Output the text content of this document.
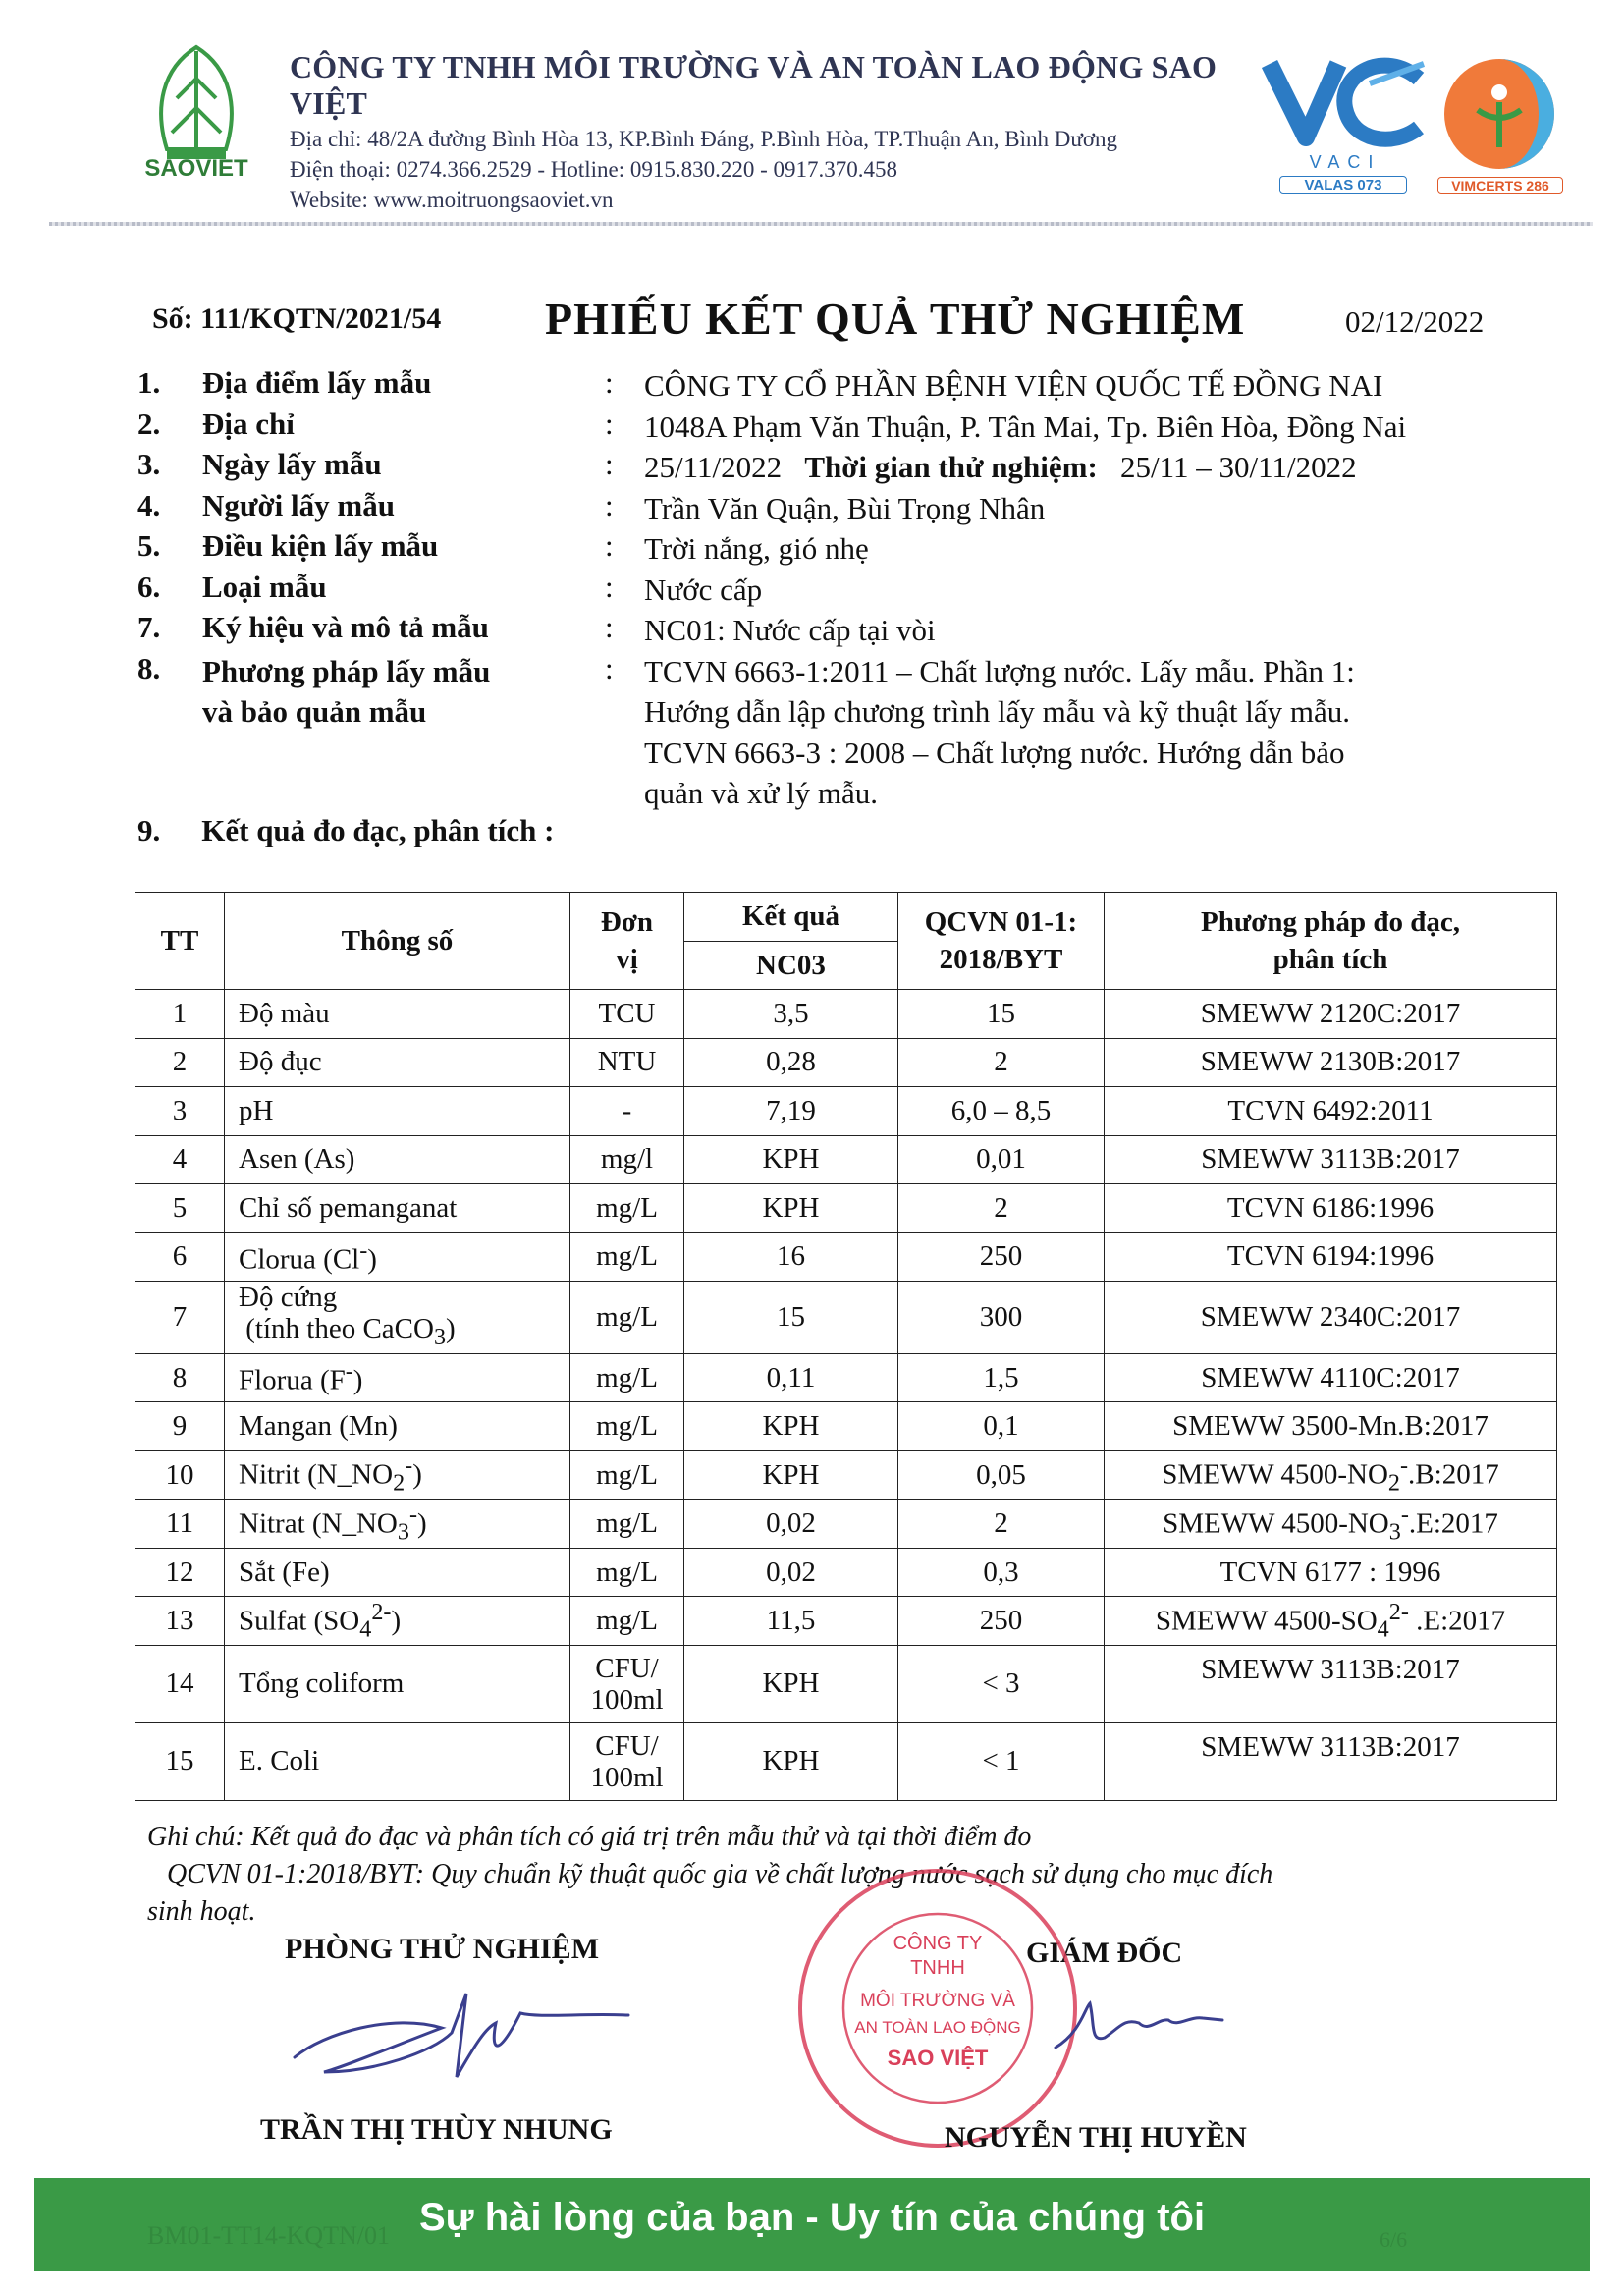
SAOVIET
CÔNG TY TNHH MÔI TRƯỜNG VÀ AN TOÀN LAO ĐỘNG SAO VIỆT
Địa chỉ: 48/2A đường Bình Hòa 13, KP.Bình Đáng, P.Bình Hòa, TP.Thuận An, Bình Dương
Điện thoại: 0274.366.2529 - Hotline: 0915.830.220 - 0917.370.458
Website: www.moitruongsaoviet.vn
VACI
VALAS 073	VIMCERTS 286
Số: 111/KQTN/2021/54 PHIẾU KẾT QUẢ THỬ NGHIỆM	02/12/2022
1. Địa điểm lấy mẫu	: CÔNG TY CỔ PHẦN BỆNH VIỆN QUỐC TẾ ĐỒNG NAI
2. Địa chỉ	: 1048A Phạm Văn Thuận, P. Tân Mai, Tp. Biên Hòa, Đồng Nai
3. Ngày lấy mẫu	: 25/11/2022 Thời gian thử nghiệm: 25/11 – 30/11/2022
4. Người lấy mẫu	: Trần Văn Quận, Bùi Trọng Nhân
5. Điều kiện lấy mẫu	: Trời nắng, gió nhẹ
6. Loại mẫu	: Nước cấp
7. Ký hiệu và mô tả mẫu	: NC01: Nước cấp tại vòi
8. Phương pháp lấy mẫu
và bảo quản mẫu
: TCVN 6663-1:2011 – Chất lượng nước. Lấy mẫu. Phần 1:
Hướng dẫn lập chương trình lấy mẫu và kỹ thuật lấy mẫu.
TCVN 6663-3 : 2008 – Chất lượng nước. Hướng dẫn bảo
quản và xử lý mẫu.
9. Kết quả đo đạc, phân tích :
TT	Thông số	Đơn
vị	Kết quả	QCVN 01-1:
2018/BYT	Phương pháp đo đạc,
phân tích
			NC03		
1	Độ màu	TCU	3,5	15	SMEWW 2120C:2017
2	Độ đục	NTU	0,28	2	SMEWW 2130B:2017
3	pH	-	7,19	6,0 – 8,5	TCVN 6492:2011
4	Asen (As)	mg/l	KPH	0,01	SMEWW 3113B:2017
5	Chỉ số pemanganat	mg/L	KPH	2	TCVN 6186:1996
6	Clorua (Cl-)	mg/L	16	250	TCVN 6194:1996
7	Độ cứng
(tính theo CaCO$_3$)	mg/L	15	300	SMEWW 2340C:2017
8	Florua (F-)	mg/L	0,11	1,5	SMEWW 4110C:2017
9	Mangan (Mn)	mg/L	KPH	0,1	SMEWW 3500-Mn.B:2017
10	Nitrit $(N\_NO_2^-)$	mg/L	KPH	0,05	SMEWW $4500-NO_2^-.B:2017$
11	Nitrat $(N\_NO_3^-)$	mg/L	0,02	2	SMEWW $4500-NO_3^-.E:2017$
12	Sắt (Fe)	mg/L	0,02	0,3	TCVN 6177 : 1996
13	Sulfat $(SO_4^{2-})$	mg/L	11,5	250	SMEWW $4500-SO_4^{2-}$ .E:2017
14	Tổng coliform	CFU/
100ml	KPH	< 3	SMEWW 3113B:2017
15	E. Coli	CFU/
100ml	KPH	< 1	SMEWW 3113B:2017
Ghi chú: Kết quả đo đạc và phân tích có giá trị trên mẫu thử và tại thời điểm đo
QCVN 01-1:2018/BYT: Quy chuẩn kỹ thuật quốc gia về chất lượng nước sạch sử dụng cho mục đích
sinh hoạt.
PHÒNG THỬ NGHIỆM	GIÁM ĐỐC
CÔNG TY
TNHH
MÔI TRƯỜNG VÀ
AN TOÀN LAO ĐỘNG
SAO VIỆT
TRẦN THỊ THÙY NHUNG	NGUYỄN THỊ HUYỀN
BM01-TT14-KQTN/01 Sự hài lòng của bạn - Uy tín của chúng tôi
6/6
